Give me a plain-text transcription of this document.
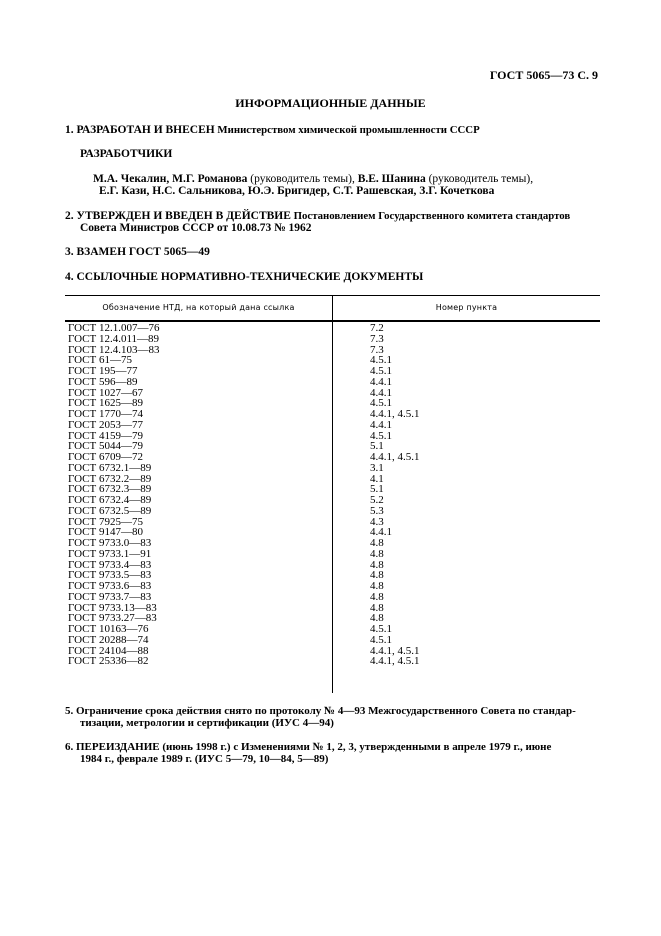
ГОСТ 5065—73 С. 9
ИНФОРМАЦИОННЫЕ ДАННЫЕ
1. РАЗРАБОТАН И ВНЕСЕН Министерством химической промышленности СССР
РАЗРАБОТЧИКИ
М.А. Чекалин, М.Г. Романова (руководитель темы), В.Е. Шанина (руководитель темы),
Е.Г. Кази, Н.С. Сальникова, Ю.Э. Бригидер, С.Т. Рашевская, З.Г. Кочеткова
2. УТВЕРЖДЕН И ВВЕДЕН В ДЕЙСТВИЕ Постановлением Государственного комитета стандартов
Совета Министров СССР от 10.08.73 № 1962
3. ВЗАМЕН ГОСТ 5065—49
4. ССЫЛОЧНЫЕ НОРМАТИВНО-ТЕХНИЧЕСКИЕ ДОКУМЕНТЫ
Обозначение НТД, на который дана ссылка	Номер пункта
ГОСТ 12.1.007—76	7.2
ГОСТ 12.4.011—89	7.3
ГОСТ 12.4.103—83	7.3
ГОСТ 61—75	4.5.1
ГОСТ 195—77	4.5.1
ГОСТ 596—89	4.4.1
ГОСТ 1027—67	4.4.1
ГОСТ 1625—89	4.5.1
ГОСТ 1770—74	4.4.1, 4.5.1
ГОСТ 2053—77	4.4.1
ГОСТ 4159—79	4.5.1
ГОСТ 5044—79	5.1
ГОСТ 6709—72	4.4.1, 4.5.1
ГОСТ 6732.1—89	3.1
ГОСТ 6732.2—89	4.1
ГОСТ 6732.3—89	5.1
ГОСТ 6732.4—89	5.2
ГОСТ 6732.5—89	5.3
ГОСТ 7925—75	4.3
ГОСТ 9147—80	4.4.1
ГОСТ 9733.0—83	4.8
ГОСТ 9733.1—91	4.8
ГОСТ 9733.4—83	4.8
ГОСТ 9733.5—83	4.8
ГОСТ 9733.6—83	4.8
ГОСТ 9733.7—83	4.8
ГОСТ 9733.13—83	4.8
ГОСТ 9733.27—83	4.8
ГОСТ 10163—76	4.5.1
ГОСТ 20288—74	4.5.1
ГОСТ 24104—88	4.4.1, 4.5.1
ГОСТ 25336—82	4.4.1, 4.5.1
5. Ограничение срока действия снято по протоколу № 4—93 Межгосударственного Совета по стандар-
тизации, метрологии и сертификации (ИУС 4—94)
6. ПЕРЕИЗДАНИЕ (июнь 1998 г.) с Изменениями № 1, 2, 3, утвержденными в апреле 1979 г., июне
1984 г., феврале 1989 г. (ИУС 5—79, 10—84, 5—89)
